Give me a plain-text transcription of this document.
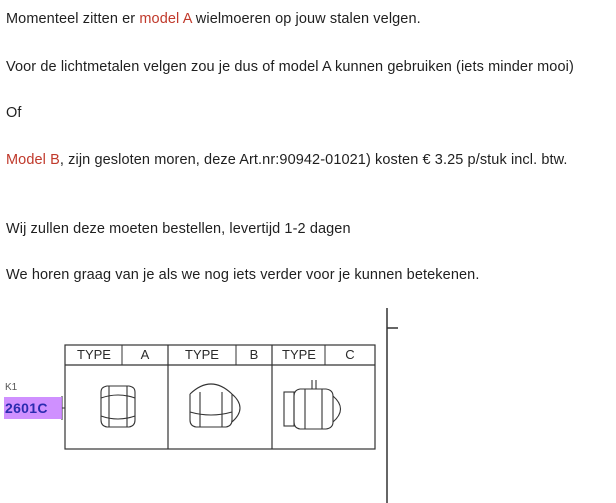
Momenteel zitten er model A wielmoeren op jouw stalen velgen.
Voor de lichtmetalen velgen zou je dus of model A kunnen gebruiken (iets minder mooi)
Of
Model B, zijn gesloten moren, deze Art.nr:90942-01021) kosten € 3.25 p/stuk incl. btw.
Wij zullen deze moeten bestellen, levertijd 1-2 dagen
We horen graag van je als we nog iets verder voor je kunnen betekenen.
TYPE A	TYPE B TYPE C
K1
2601C
